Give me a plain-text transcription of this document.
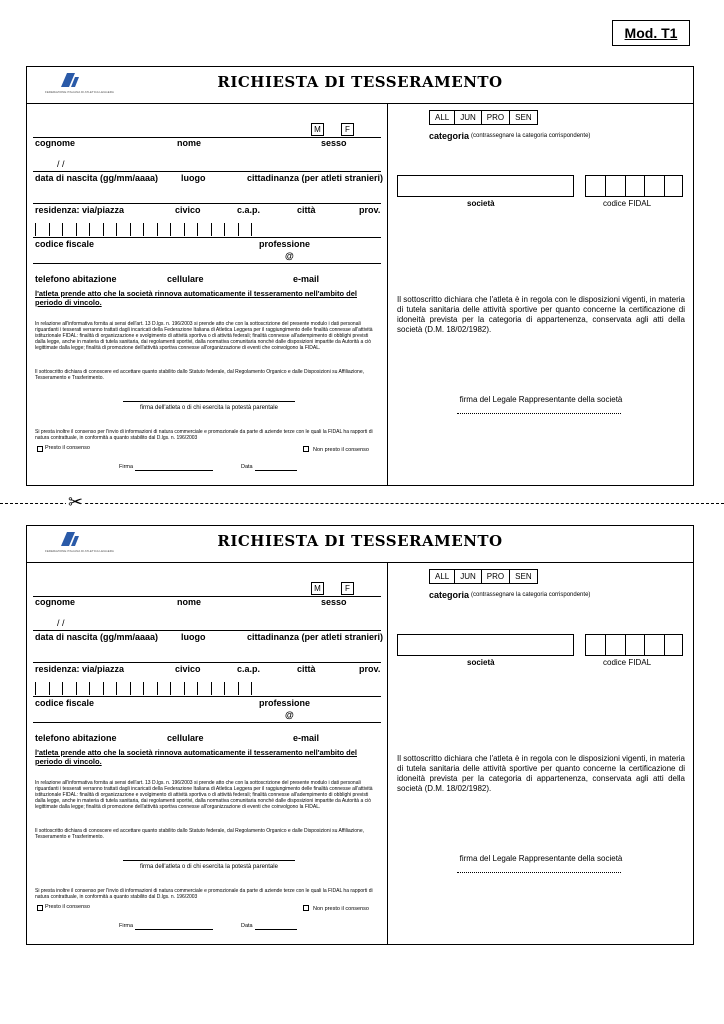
Mod. T1
FEDERAZIONE ITALIANA DI ATLETICA LEGGERA
RICHIESTA DI TESSERAMENTO
M	F
cognome	nome	sesso
/ /
data di nascita (gg/mm/aaaa)	luogo	cittadinanza (per atleti stranieri)
residenza: via/piazza	civico	c.a.p.	città	prov.
codice fiscale	professione
@
telefono abitazione	cellulare	e-mail
l'atleta prende atto che la società rinnova automaticamente il tesseramento nell'ambito del periodo di vincolo.
In relazione all'informativa fornita ai sensi dell'art. 13 D.lgs. n. 196/2003 si prende atto che con la sottoscrizione del presente modulo i dati personali riguardanti i tesserati verranno trattati dagli incaricati della Federazione Italiana di Atletica Leggera per il raggiungimento delle finalità connesse all'attività istituzionale FIDAL: finalità di organizzazione e svolgimento di attività sportiva o di attività federali; finalità connesse all'adempimento di obblighi previsti dalla legge, anche in materia di tutela sanitaria, dai regolamenti sportivi, dalla normativa comunitaria nonché dalle disposizioni impartite da Autorità a ciò legittimate dalla legge; finalità di promozione dell'attività sportiva connesse all'organizzazione di eventi che coinvolgono la FIDAL.
Il sottoscritto dichiara di conoscere ed accettare quanto stabilito dallo Statuto federale, dal Regolamento Organico e dalle Disposizioni su Affiliazione, Tesseramento e Trasferimento.
firma dell'atleta o di chi esercita la potestà parentale
Si presta inoltre il consenso per l'invio di informazioni di natura commerciale e promozionale da parte di aziende terze con le quali la FIDAL ha rapporti di natura contrattuale, in conformità a quanto stabilito dal D.lgs. n. 196/2003
Presto il consenso	Non presto il consenso
Firma	Data
ALL	JUN	PRO	SEN
categoria (contrassegnare la categoria corrispondente)
società	codice FIDAL
Il sottoscritto dichiara che l'atleta è in regola con le disposizioni vigenti, in materia di tutela sanitaria delle attività sportive per quanto concerne la certificazione di idoneità prevista per la categoria di appartenenza, conservata agli atti della società (D.M. 18/02/1982).
firma del Legale Rappresentante della società
✂
FEDERAZIONE ITALIANA DI ATLETICA LEGGERA
RICHIESTA DI TESSERAMENTO
M	F
cognome	nome	sesso
/ /
data di nascita (gg/mm/aaaa)	luogo	cittadinanza (per atleti stranieri)
residenza: via/piazza	civico	c.a.p.	città	prov.
codice fiscale	professione
@
telefono abitazione	cellulare	e-mail
l'atleta prende atto che la società rinnova automaticamente il tesseramento nell'ambito del periodo di vincolo.
In relazione all'informativa fornita ai sensi dell'art. 13 D.lgs. n. 196/2003 si prende atto che con la sottoscrizione del presente modulo i dati personali riguardanti i tesserati verranno trattati dagli incaricati della Federazione Italiana di Atletica Leggera per il raggiungimento delle finalità connesse all'attività istituzionale FIDAL: finalità di organizzazione e svolgimento di attività sportiva o di attività federali; finalità connesse all'adempimento di obblighi previsti dalla legge, anche in materia di tutela sanitaria, dai regolamenti sportivi, dalla normativa comunitaria nonché dalle disposizioni impartite da Autorità a ciò legittimate dalla legge; finalità di promozione dell'attività sportiva connesse all'organizzazione di eventi che coinvolgono la FIDAL.
Il sottoscritto dichiara di conoscere ed accettare quanto stabilito dallo Statuto federale, dal Regolamento Organico e dalle Disposizioni su Affiliazione, Tesseramento e Trasferimento.
firma dell'atleta o di chi esercita la potestà parentale
Si presta inoltre il consenso per l'invio di informazioni di natura commerciale e promozionale da parte di aziende terze con le quali la FIDAL ha rapporti di natura contrattuale, in conformità a quanto stabilito dal D.lgs. n. 196/2003
Presto il consenso	Non presto il consenso
Firma	Data
ALL	JUN	PRO	SEN
categoria (contrassegnare la categoria corrispondente)
società	codice FIDAL
Il sottoscritto dichiara che l'atleta è in regola con le disposizioni vigenti, in materia di tutela sanitaria delle attività sportive per quanto concerne la certificazione di idoneità prevista per la categoria di appartenenza, conservata agli atti della società (D.M. 18/02/1982).
firma del Legale Rappresentante della società
